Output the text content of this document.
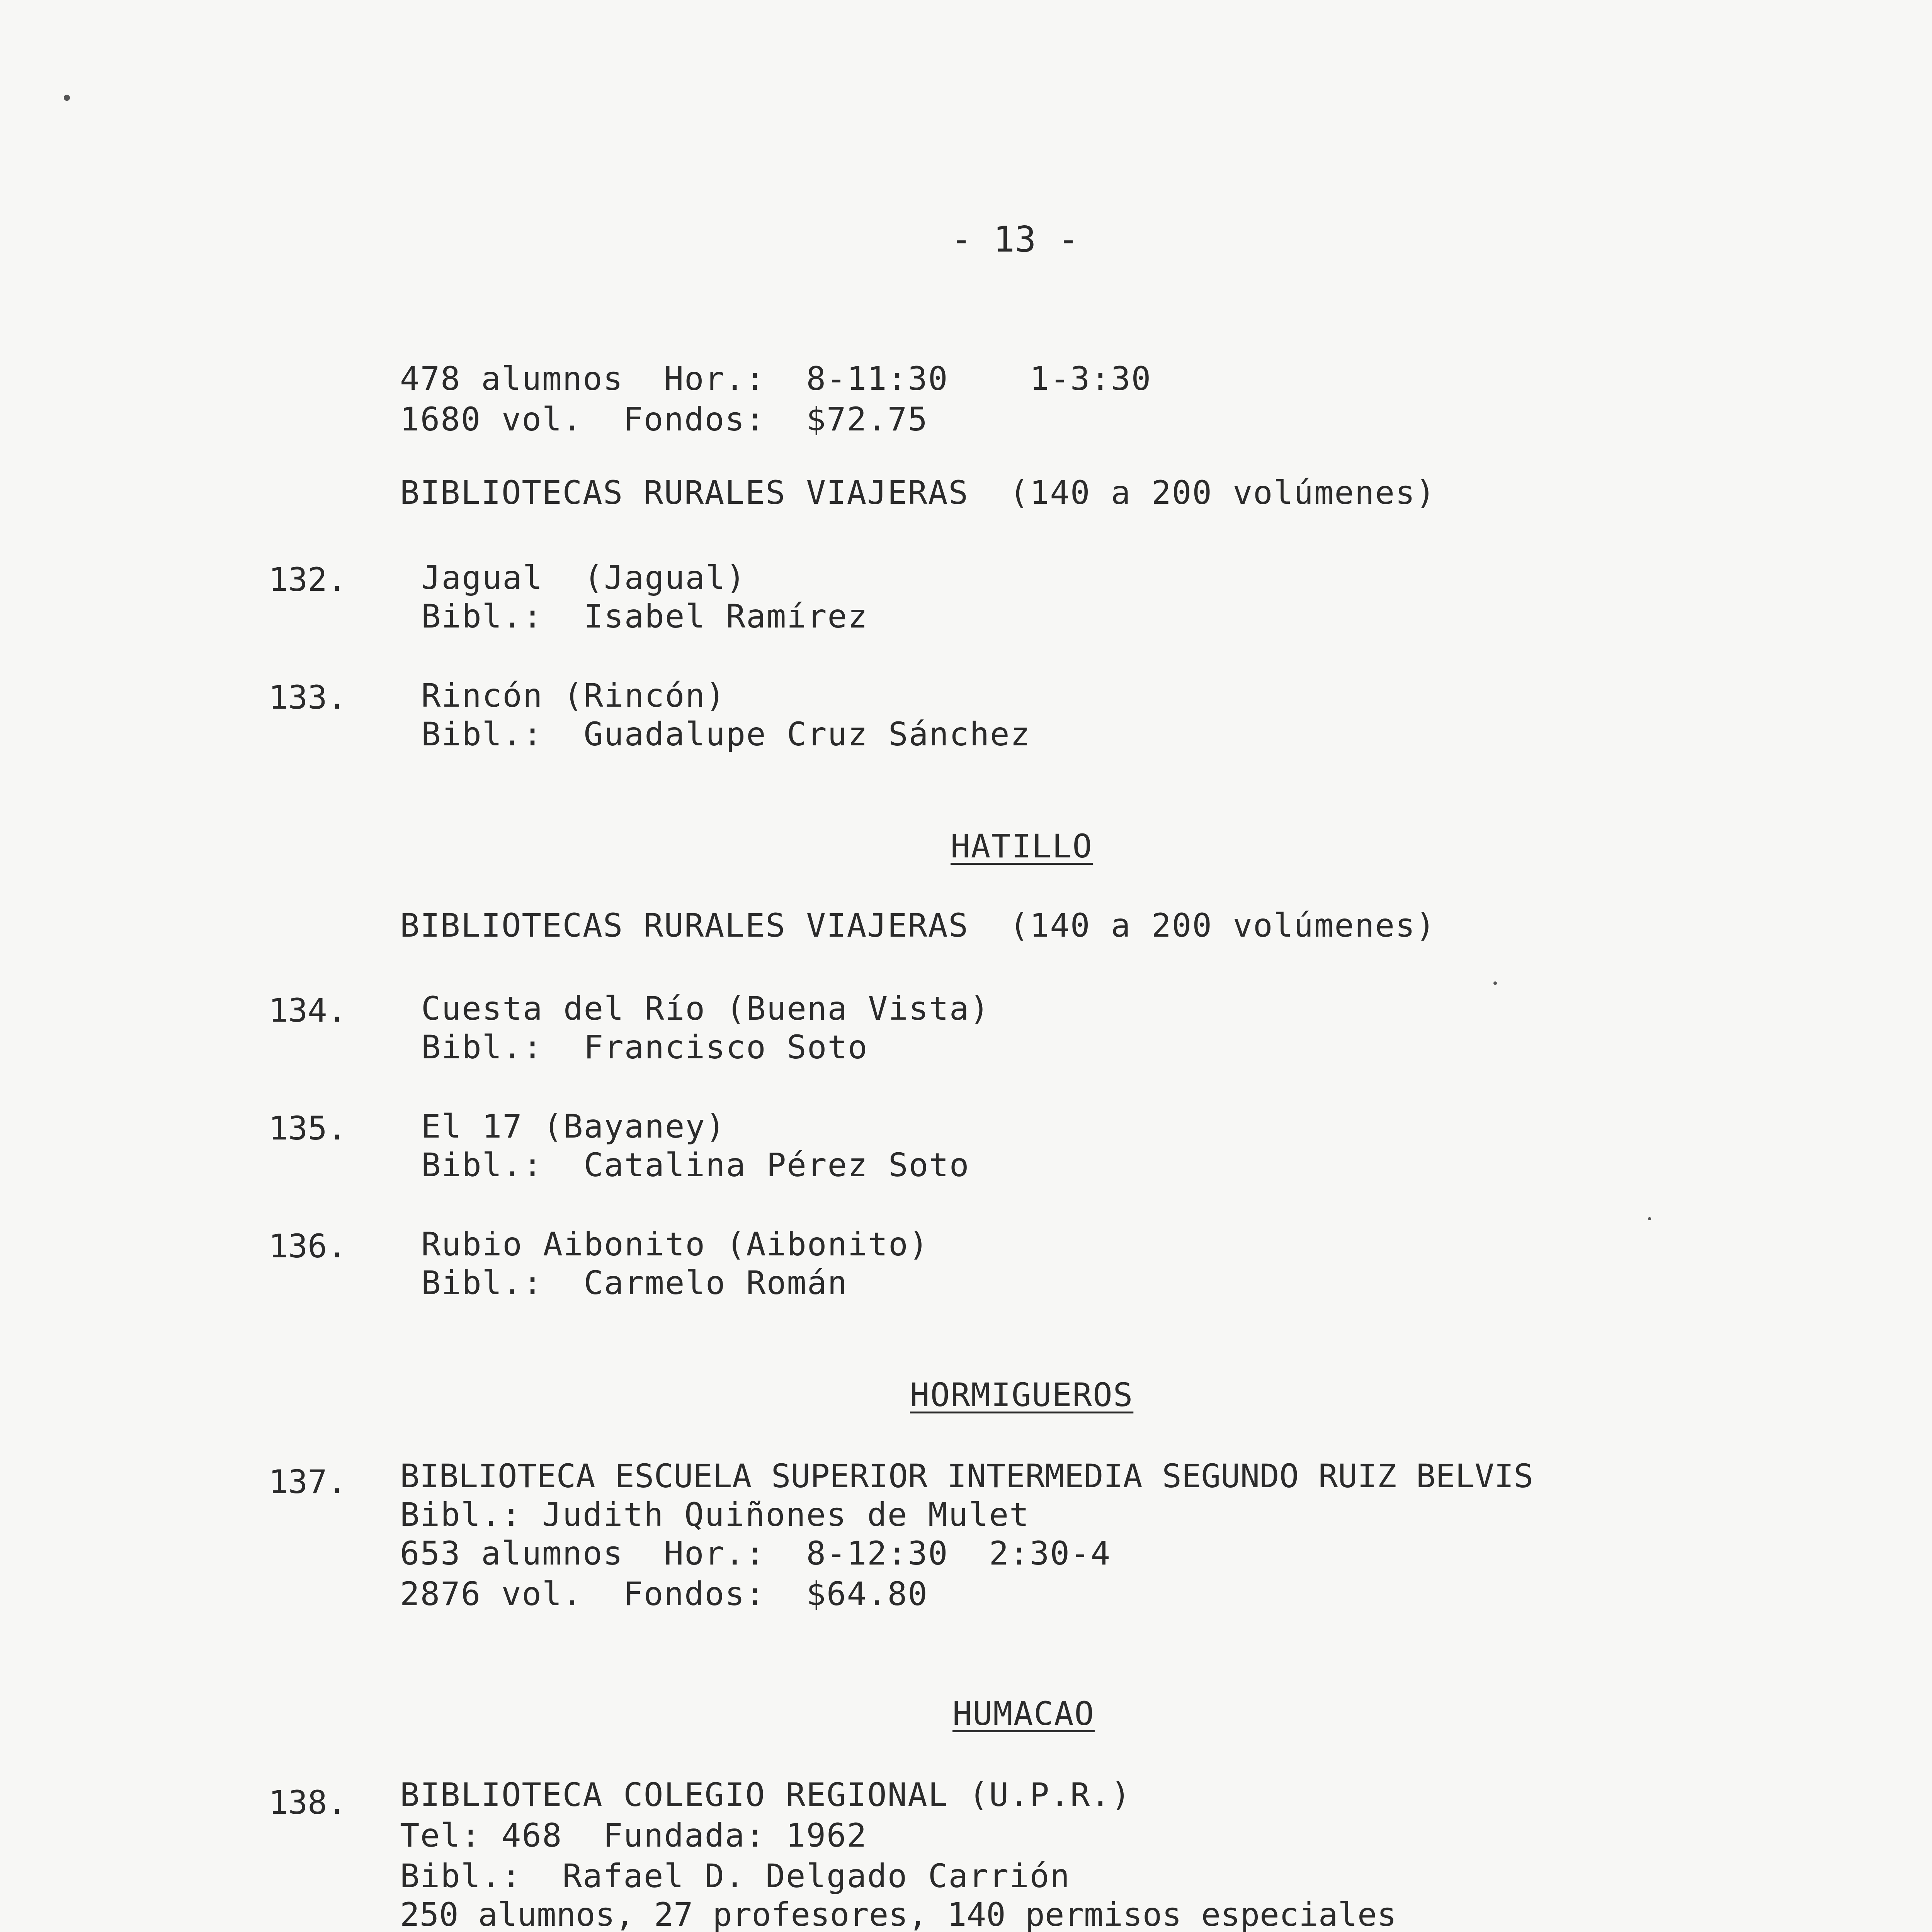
- 13 -
478 alumnos  Hor.:  8-11:30    1-3:30
1680 vol.  Fondos:  $72.75
BIBLIOTECAS RURALES VIAJERAS  (140 a 200 volúmenes)
132. Jagual  (Jagual)
Bibl.:  Isabel Ramírez
133. Rincón (Rincón)
Bibl.:  Guadalupe Cruz Sánchez
HATILLO
BIBLIOTECAS RURALES VIAJERAS  (140 a 200 volúmenes)
134. Cuesta del Río (Buena Vista)
Bibl.:  Francisco Soto
135. El 17 (Bayaney)
Bibl.:  Catalina Pérez Soto
136. Rubio Aibonito (Aibonito)
Bibl.:  Carmelo Román
HORMIGUEROS
137. BIBLIOTECA ESCUELA SUPERIOR INTERMEDIA SEGUNDO RUIZ BELVIS
Bibl.: Judith Quiñones de Mulet
653 alumnos  Hor.:  8-12:30  2:30-4
2876 vol.  Fondos:  $64.80
HUMACAO
138. BIBLIOTECA COLEGIO REGIONAL (U.P.R.)
Tel: 468  Fundada: 1962
Bibl.:  Rafael D. Delgado Carrión
250 alumnos, 27 profesores, 140 permisos especiales
